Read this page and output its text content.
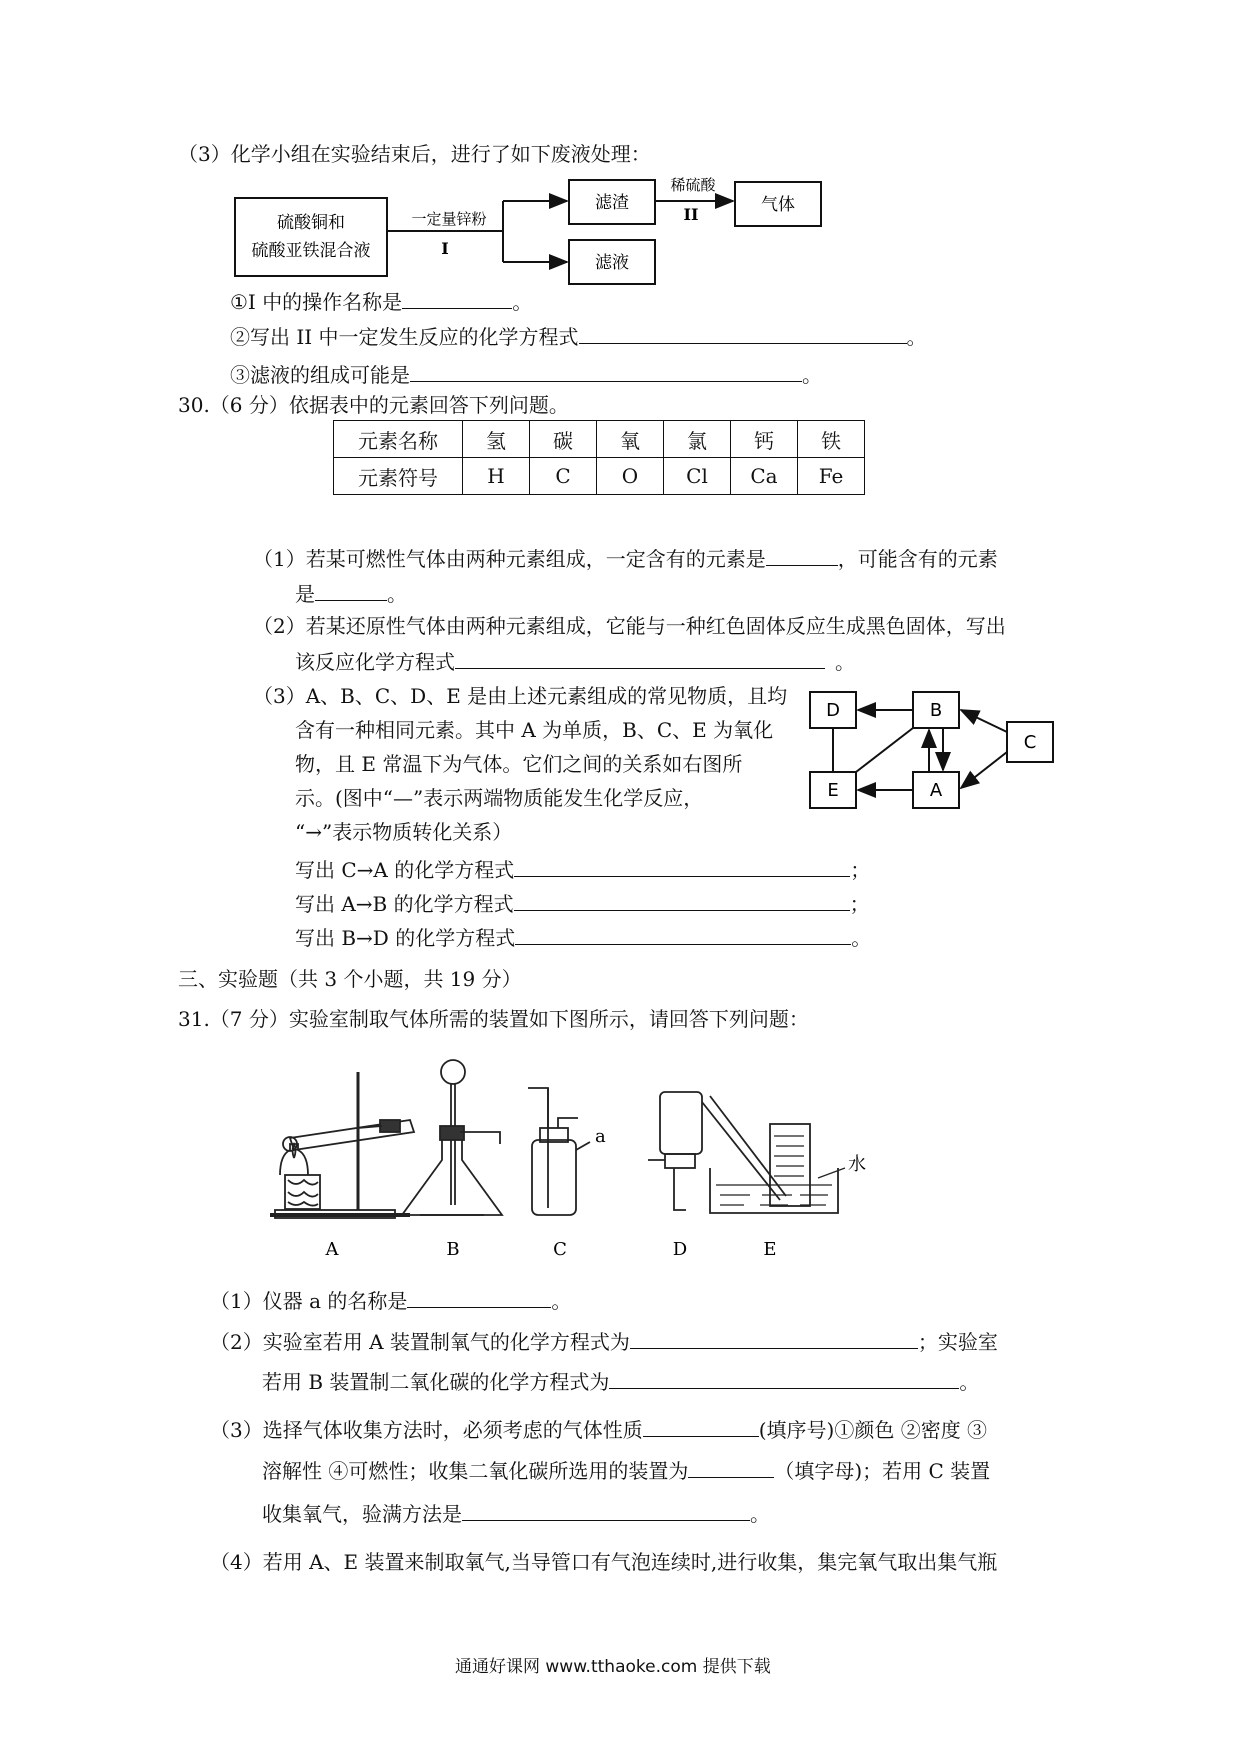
（3）化学小组在实验结束后，进行了如下废液处理：
硫酸铜和
硫酸亚铁混合液
一定量锌粉
I
滤渣
滤液
稀硫酸
II	气体
①I 中的操作名称是	。
②写出 II 中一定发生反应的化学方程式	。
③滤液的组成可能是	。
30.（6 分）依据表中的元素回答下列问题。
元素名称	氢	碳	氧	氯	钙	铁
元素符号	H	C	O	Cl	Ca	Fe
（1）若某可燃性气体由两种元素组成，一定含有的元素是	，可能含有的元素
是	。
（2）若某还原性气体由两种元素组成，它能与一种红色固体反应生成黑色固体，写出
该反应化学方程式	。
（3）A、B、C、D、E 是由上述元素组成的常见物质，且均
含有一种相同元素。其中 A 为单质，B、C、E 为氧化
物，且 E 常温下为气体。它们之间的关系如右图所
示。(图中“—”表示两端物质能发生化学反应，
“→”表示物质转化关系）
写出 C→A 的化学方程式	；
写出 A→B 的化学方程式	；
写出 B→D 的化学方程式	。
D	B
C
E	A
三、实验题（共 3 个小题，共 19 分）
31.（7 分）实验室制取气体所需的装置如下图所示，请回答下列问题：
a
水
A	B	C	D	E
（1）仪器 a 的名称是	。
（2）实验室若用 A 装置制氧气的化学方程式为	；实验室
若用 B 装置制二氧化碳的化学方程式为	。
（3）选择气体收集方法时，必须考虑的气体性质	(填序号)①颜色 ②密度 ③
溶解性 ④可燃性；收集二氧化碳所选用的装置为	（填字母)；若用 C 装置
收集氧气，验满方法是	。
（4）若用 A、E 装置来制取氧气,当导管口有气泡连续时,进行收集，集完氧气取出集气瓶
通通好课网 www.tthaoke.com 提供下载
